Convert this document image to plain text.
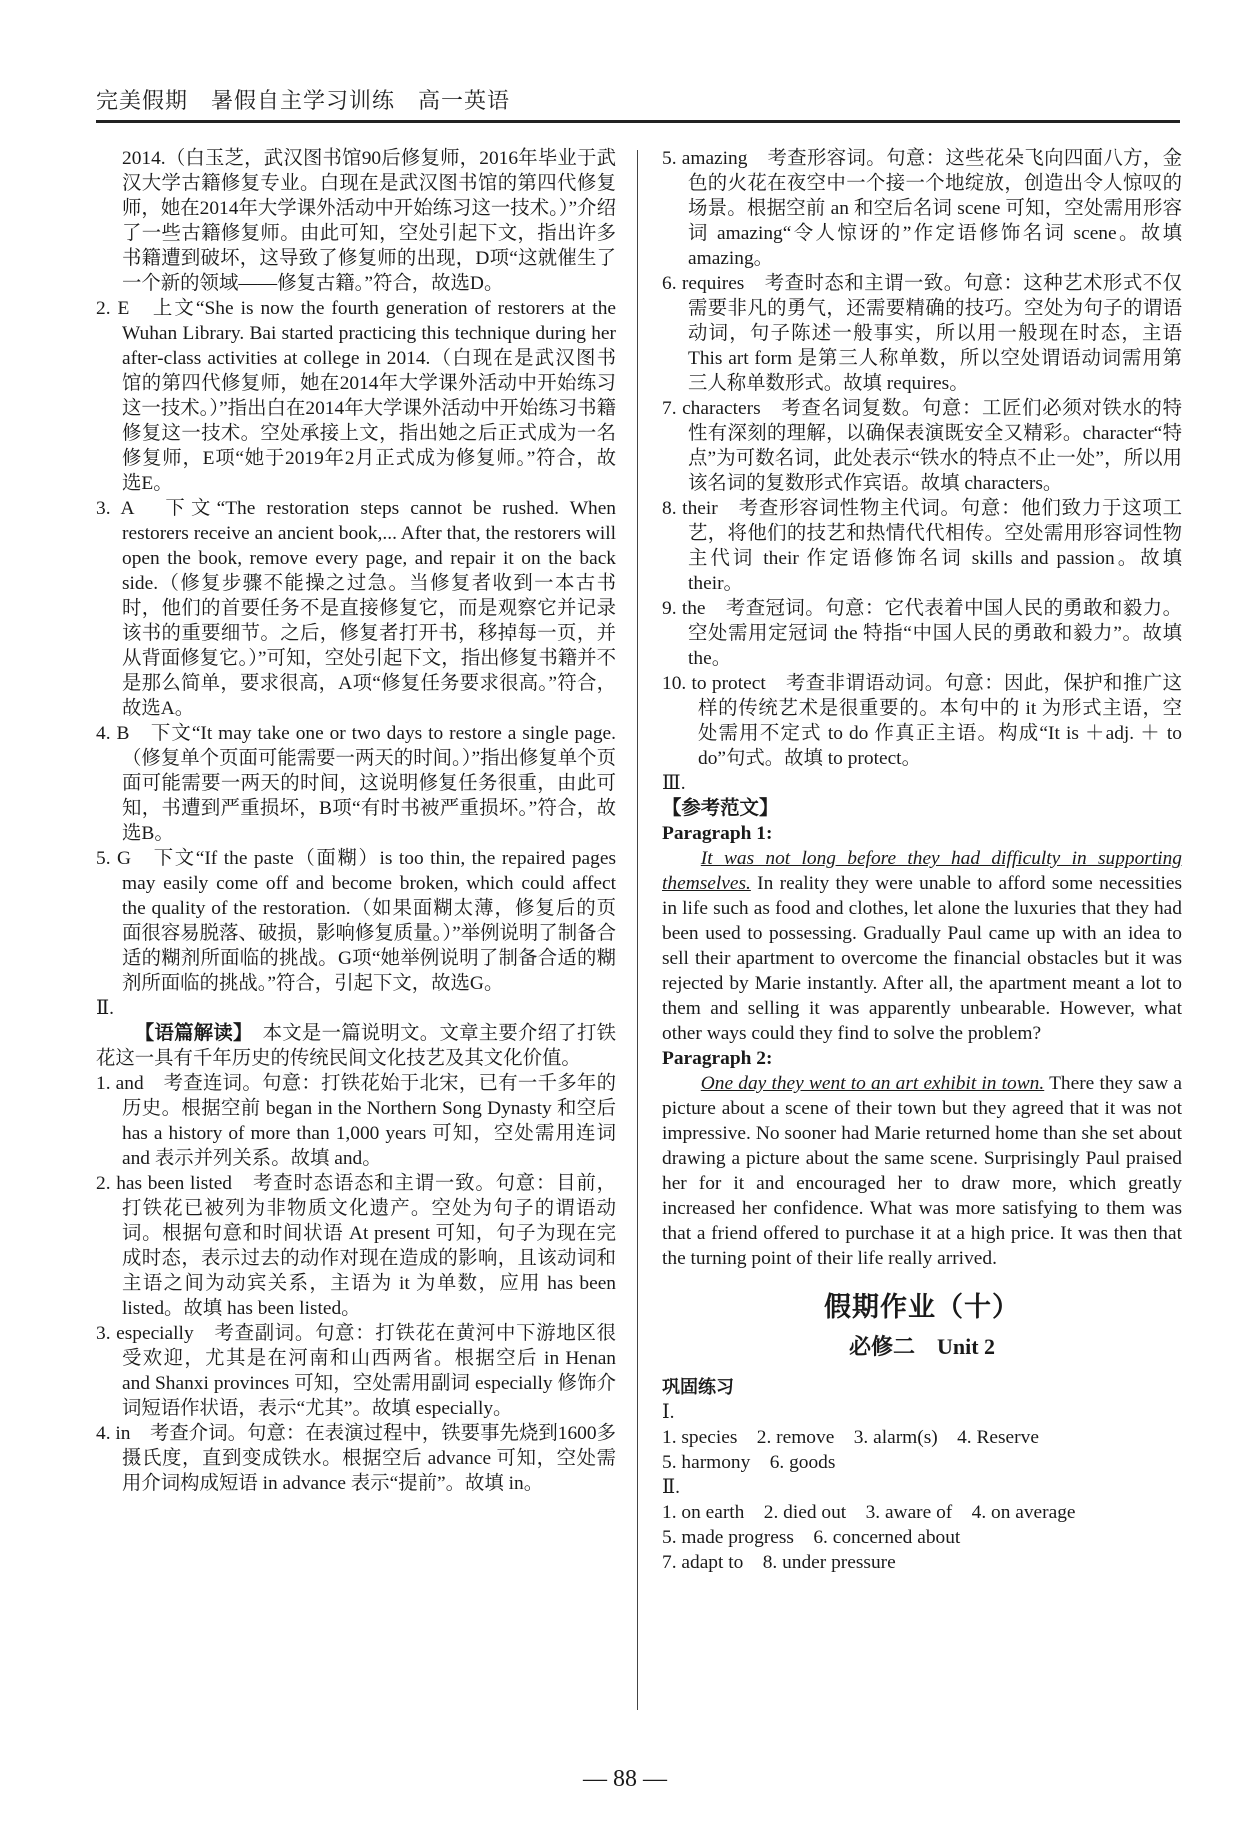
完美假期　暑假自主学习训练　高一英语

2014.（白玉芝，武汉图书馆90后修复师，2016年毕业于武汉大学古籍修复专业。白现在是武汉图书馆的第四代修复师，她在2014年大学课外活动中开始练习这一技术。）”介绍了一些古籍修复师。由此可知，空处引起下文，指出许多书籍遭到破坏，这导致了修复师的出现，D项“这就催生了一个新的领域——修复古籍。”符合，故选D。

2. E　上文“She is now the fourth generation of restorers at the Wuhan Library. Bai started practicing this technique during her after-class activities at college in 2014.（白现在是武汉图书馆的第四代修复师，她在2014年大学课外活动中开始练习这一技术。）”指出白在2014年大学课外活动中开始练习书籍修复这一技术。空处承接上文，指出她之后正式成为一名修复师，E项“她于2019年2月正式成为修复师。”符合，故选E。

3. A　下文“The restoration steps cannot be rushed. When restorers receive an ancient book,... After that, the restorers will open the book, remove every page, and repair it on the back side.（修复步骤不能操之过急。当修复者收到一本古书时，他们的首要任务不是直接修复它，而是观察它并记录该书的重要细节。之后，修复者打开书，移掉每一页，并从背面修复它。）”可知，空处引起下文，指出修复书籍并不是那么简单，要求很高，A项“修复任务要求很高。”符合，故选A。

4. B　下文“It may take one or two days to restore a single page.（修复单个页面可能需要一两天的时间。）”指出修复单个页面可能需要一两天的时间，这说明修复任务很重，由此可知，书遭到严重损坏，B项“有时书被严重损坏。”符合，故选B。

5. G　下文“If the paste（面糊）is too thin, the repaired pages may easily come off and become broken, which could affect the quality of the restoration.（如果面糊太薄，修复后的页面很容易脱落、破损，影响修复质量。）”举例说明了制备合适的糊剂所面临的挑战。G项“她举例说明了制备合适的糊剂所面临的挑战。”符合，引起下文，故选G。

Ⅱ.

【语篇解读】　 本文是一篇说明文。文章主要介绍了打铁花这一具有千年历史的传统民间文化技艺及其文化价值。

1. and　考查连词。句意：打铁花始于北宋，已有一千多年的历史。根据空前 began in the Northern Song Dynasty 和空后 has a history of more than 1,000 years 可知，空处需用连词 and 表示并列关系。故填 and。

2. has been listed　考查时态语态和主谓一致。句意：目前，打铁花已被列为非物质文化遗产。空处为句子的谓语动词。根据句意和时间状语 At present 可知，句子为现在完成时态，表示过去的动作对现在造成的影响，且该动词和主语之间为动宾关系，主语为 it 为单数，应用 has been listed。故填 has been listed。

3. especially　考查副词。句意：打铁花在黄河中下游地区很受欢迎，尤其是在河南和山西两省。根据空后 in Henan and Shanxi provinces 可知，空处需用副词 especially 修饰介词短语作状语，表示“尤其”。故填 especially。

4. in　考查介词。句意：在表演过程中，铁要事先烧到1600多摄氏度，直到变成铁水。根据空后 advance 可知，空处需用介词构成短语 in advance 表示“提前”。故填 in。

5. amazing　考查形容词。句意：这些花朵飞向四面八方，金色的火花在夜空中一个接一个地绽放，创造出令人惊叹的场景。根据空前 an 和空后名词 scene 可知，空处需用形容词 amazing“令人惊讶的”作定语修饰名词 scene。故填 amazing。

6. requires　考查时态和主谓一致。句意：这种艺术形式不仅需要非凡的勇气，还需要精确的技巧。空处为句子的谓语动词，句子陈述一般事实，所以用一般现在时态，主语 This art form 是第三人称单数，所以空处谓语动词需用第三人称单数形式。故填 requires。

7. characters　考查名词复数。句意：工匠们必须对铁水的特性有深刻的理解，以确保表演既安全又精彩。character“特点”为可数名词，此处表示“铁水的特点不止一处”，所以用该名词的复数形式作宾语。故填 characters。

8. their　考查形容词性物主代词。句意：他们致力于这项工艺，将他们的技艺和热情代代相传。空处需用形容词性物主代词 their 作定语修饰名词 skills and passion。故填 their。

9. the　考查冠词。句意：它代表着中国人民的勇敢和毅力。空处需用定冠词 the 特指“中国人民的勇敢和毅力”。故填 the。

10. to protect　考查非谓语动词。句意：因此，保护和推广这样的传统艺术是很重要的。本句中的 it 为形式主语，空处需用不定式 to do 作真正主语。构成“It is ＋adj. ＋ to do”句式。故填 to protect。

Ⅲ.

【参考范文】

Paragraph 1:

It was not long before they had difficulty in supporting themselves. In reality they were unable to afford some necessities in life such as food and clothes, let alone the luxuries that they had been used to possessing. Gradually Paul came up with an idea to sell their apartment to overcome the financial obstacles but it was rejected by Marie instantly. After all, the apartment meant a lot to them and selling it was apparently unbearable. However, what other ways could they find to solve the problem?

Paragraph 2:

One day they went to an art exhibit in town. There they saw a picture about a scene of their town but they agreed that it was not impressive. No sooner had Marie returned home than she set about drawing a picture about the same scene. Surprisingly Paul praised her for it and encouraged her to draw more, which greatly increased her confidence. What was more satisfying to them was that a friend offered to purchase it at a high price. It was then that the turning point of their life really arrived.

假期作业（十）
必修二　Unit 2

巩固练习

Ⅰ.

1. species　2. remove　3. alarm(s)　4. Reserve

5. harmony　6. goods

Ⅱ.

1. on earth　2. died out　3. aware of　4. on average

5. made progress　6. concerned about

7. adapt to　8. under pressure

— 88 —
